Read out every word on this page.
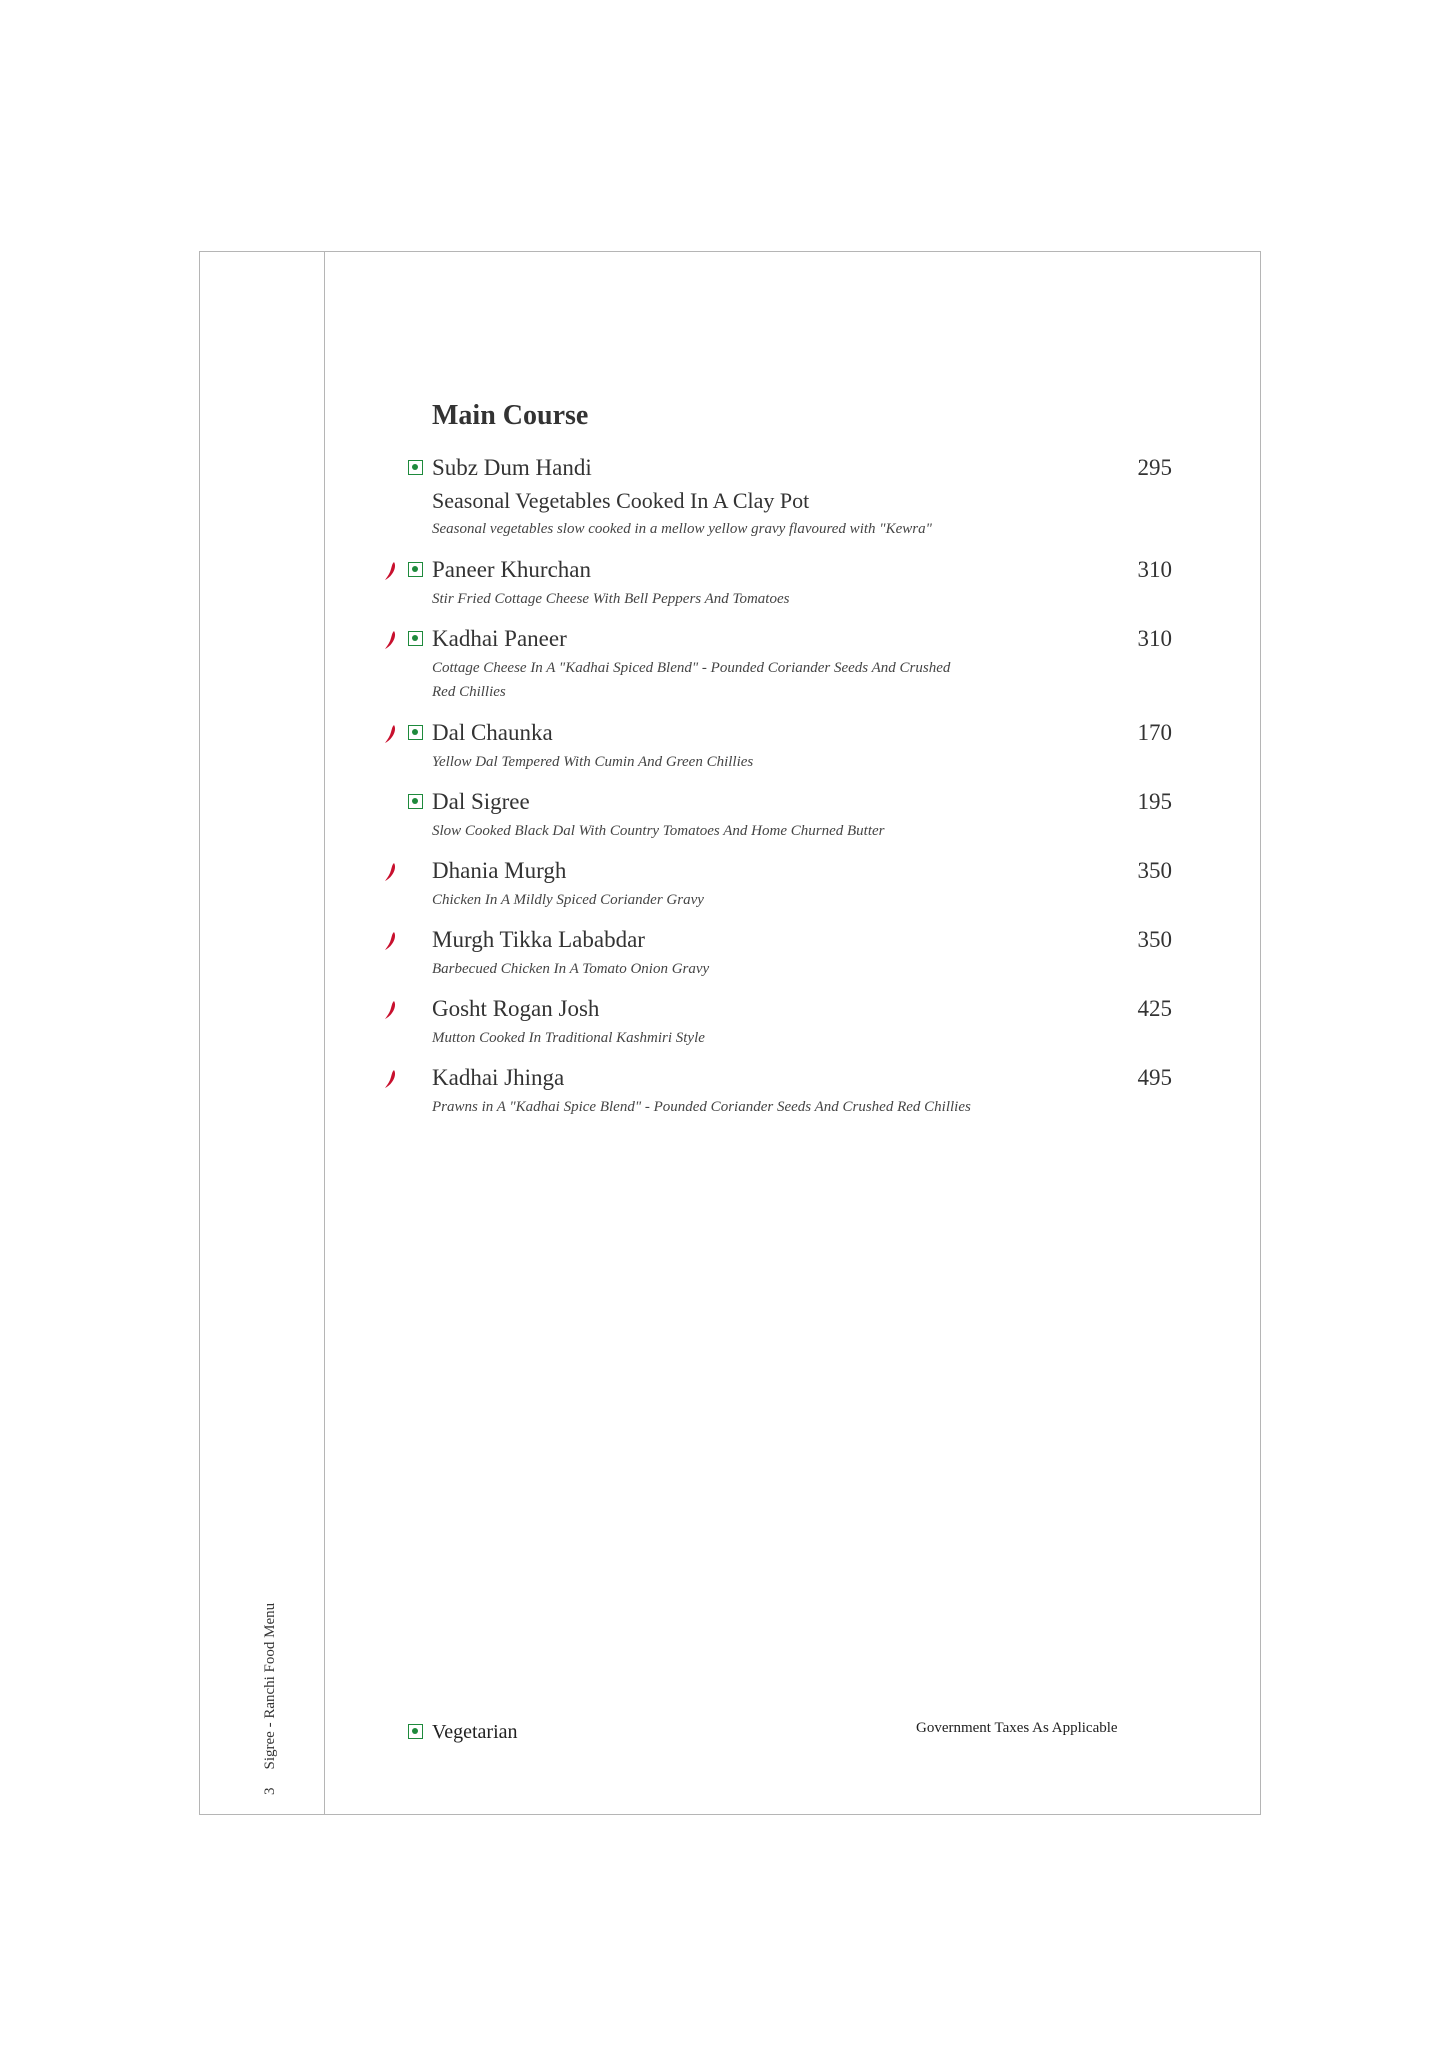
3
Sigree - Ranchi Food Menu
Main Course
Subz Dum Handi	295
Seasonal Vegetables Cooked In A Clay Pot
Seasonal vegetables slow cooked in a mellow yellow gravy flavoured with "Kewra"
Paneer Khurchan	310
Stir Fried Cottage Cheese With Bell Peppers And Tomatoes
Kadhai Paneer	310
Cottage Cheese In A "Kadhai Spiced Blend" - Pounded Coriander Seeds And Crushed Red Chillies
Dal Chaunka	170
Yellow Dal Tempered With Cumin And Green Chillies
Dal Sigree	195
Slow Cooked Black Dal With Country Tomatoes And Home Churned Butter
Dhania Murgh	350
Chicken In A Mildly Spiced Coriander Gravy
Murgh Tikka Lababdar	350
Barbecued Chicken In A Tomato Onion Gravy
Gosht Rogan Josh	425
Mutton Cooked In Traditional Kashmiri Style
Kadhai Jhinga	495
Prawns in A "Kadhai Spice Blend" - Pounded Coriander Seeds And Crushed Red Chillies
Vegetarian	Government Taxes As Applicable
